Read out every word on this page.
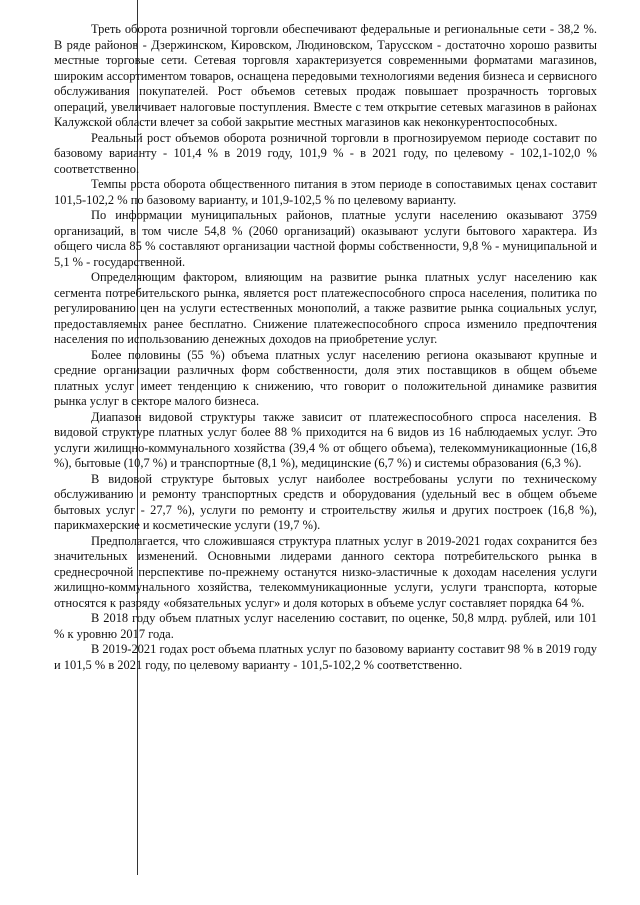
Треть оборота розничной торговли обеспечивают федеральные и региональные сети - 38,2 %. В ряде районов - Дзержинском, Кировском, Людиновском, Тарусском - достаточно хорошо развиты местные торговые сети. Сетевая торговля характеризуется современными форматами магазинов, широким ассортиментом товаров, оснащена передовыми технологиями ведения бизнеса и сервисного обслуживания покупателей. Рост объемов сетевых продаж повышает прозрачность торговых операций, увеличивает налоговые поступления. Вместе с тем открытие сетевых магазинов в районах Калужской области влечет за собой закрытие местных магазинов как неконкурентоспособных.

Реальный рост объемов оборота розничной торговли в прогнозируемом периоде составит по базовому варианту - 101,4 % в 2019 году, 101,9 % - в 2021 году, по целевому - 102,1-102,0 % соответственно.

Темпы роста оборота общественного питания в этом периоде в сопоставимых ценах составит 101,5-102,2 % по базовому варианту, и 101,9-102,5 % по целевому варианту.

По информации муниципальных районов, платные услуги населению оказывают 3759 организаций, в том числе 54,8 % (2060 организаций) оказывают услуги бытового характера. Из общего числа 85 % составляют организации частной формы собственности, 9,8 % - муниципальной и 5,1 % - государственной.

Определяющим фактором, влияющим на развитие рынка платных услуг населению как сегмента потребительского рынка, является рост платежеспособного спроса населения, политика по регулированию цен на услуги естественных монополий, а также развитие рынка социальных услуг, предоставляемых ранее бесплатно. Снижение платежеспособного спроса изменило предпочтения населения по использованию денежных доходов на приобретение услуг.

Более половины (55 %) объема платных услуг населению региона оказывают крупные и средние организации различных форм собственности, доля этих поставщиков в общем объеме платных услуг имеет тенденцию к снижению, что говорит о положительной динамике развития рынка услуг в секторе малого бизнеса.

Диапазон видовой структуры также зависит от платежеспособного спроса населения. В видовой структуре платных услуг более 88 % приходится на 6 видов из 16 наблюдаемых услуг. Это услуги жилищно-коммунального хозяйства (39,4 % от общего объема), телекоммуникационные (16,8 %), бытовые (10,7 %) и транспортные (8,1 %), медицинские (6,7 %) и системы образования (6,3 %).

В видовой структуре бытовых услуг наиболее востребованы услуги по техническому обслуживанию и ремонту транспортных средств и оборудования (удельный вес в общем объеме бытовых услуг - 27,7 %), услуги по ремонту и строительству жилья и других построек (16,8 %), парикмахерские и косметические услуги (19,7 %).

Предполагается, что сложившаяся структура платных услуг в 2019-2021 годах сохранится без значительных изменений. Основными лидерами данного сектора потребительского рынка в среднесрочной перспективе по-прежнему останутся низко-эластичные к доходам населения услуги жилищно-коммунального хозяйства, телекоммуникационные услуги, услуги транспорта, которые относятся к разряду «обязательных услуг» и доля которых в объеме услуг составляет порядка 64 %.

В 2018 году объем платных услуг населению составит, по оценке, 50,8 млрд. рублей, или 101 % к уровню 2017 года.

В 2019-2021 годах рост объема платных услуг по базовому варианту составит 98 % в 2019 году и 101,5 % в 2021 году, по целевому варианту - 101,5-102,2 % соответственно.
